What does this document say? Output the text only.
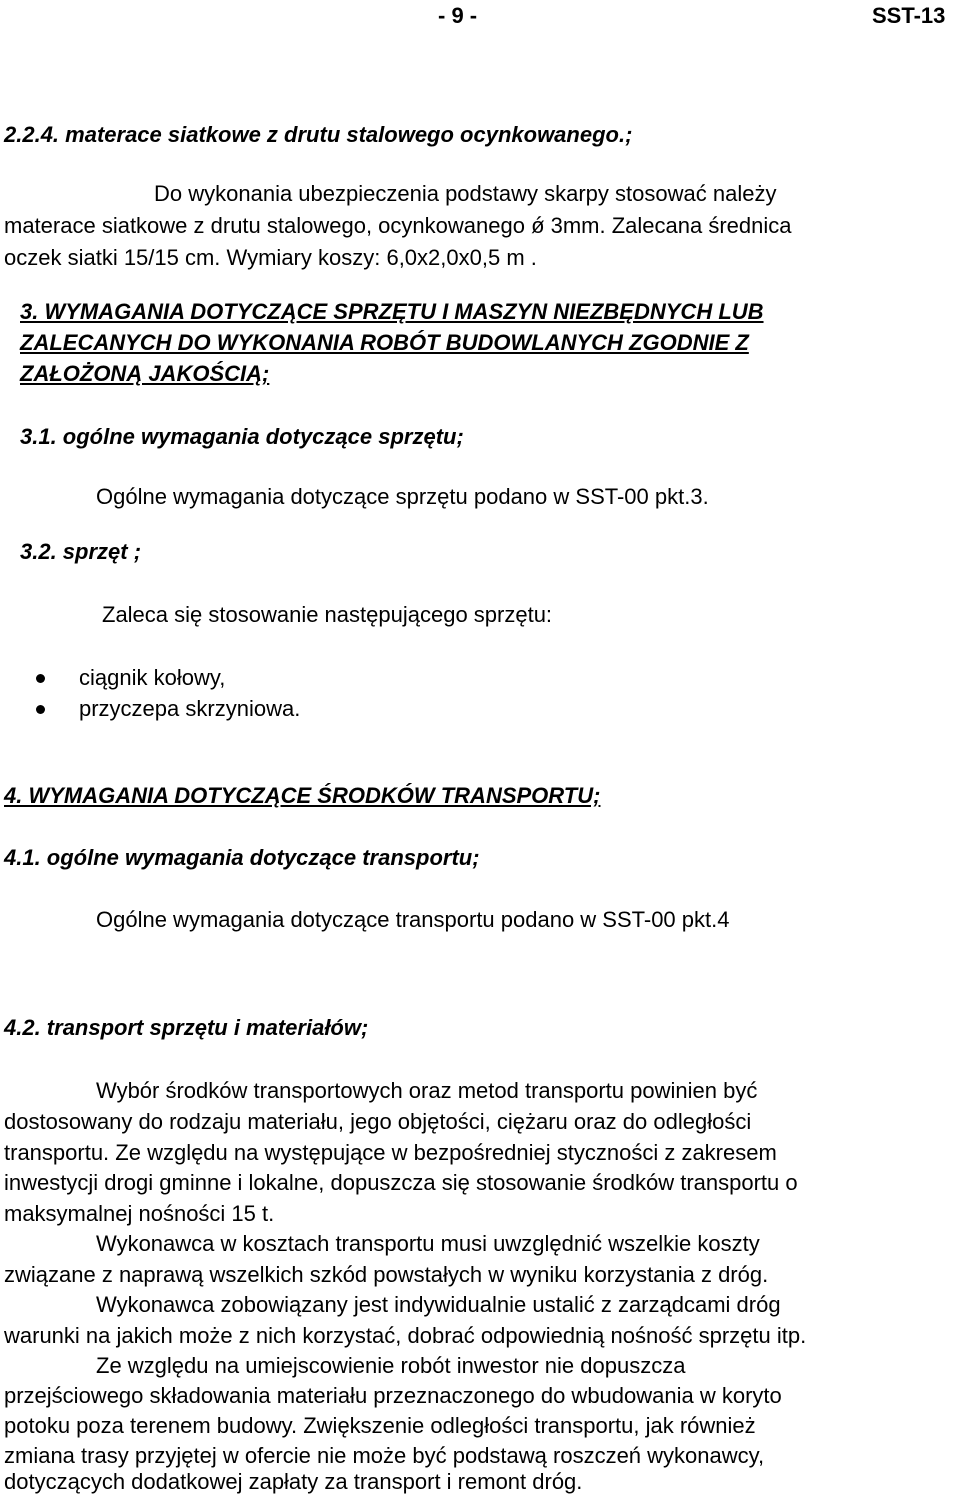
- 9 -	SST-13
2.2.4. materace siatkowe z drutu stalowego ocynkowanego.;
Do wykonania ubezpieczenia podstawy skarpy stosować należy
materace siatkowe z drutu stalowego, ocynkowanego ǿ 3mm. Zalecana średnica
oczek siatki 15/15 cm. Wymiary koszy: 6,0x2,0x0,5 m .
3. WYMAGANIA DOTYCZĄCE SPRZĘTU I MASZYN NIEZBĘDNYCH LUB
ZALECANYCH DO WYKONANIA ROBÓT BUDOWLANYCH ZGODNIE Z
ZAŁOŻONĄ JAKOŚCIĄ;
3.1. ogólne wymagania dotyczące sprzętu;
Ogólne wymagania dotyczące sprzętu podano w SST-00 pkt.3.
3.2. sprzęt ;
Zaleca się stosowanie następującego sprzętu:
ciągnik kołowy,
przyczepa skrzyniowa.
4. WYMAGANIA DOTYCZĄCE ŚRODKÓW TRANSPORTU;
4.1. ogólne wymagania dotyczące transportu;
Ogólne wymagania dotyczące transportu podano w SST-00 pkt.4
4.2. transport sprzętu i materiałów;
Wybór środków transportowych oraz metod transportu powinien być
dostosowany do rodzaju materiału, jego objętości, ciężaru oraz do odległości
transportu. Ze względu na występujące w bezpośredniej styczności z zakresem
inwestycji drogi gminne i lokalne, dopuszcza się stosowanie środków transportu o
maksymalnej nośności 15 t.
Wykonawca w kosztach transportu musi uwzględnić wszelkie koszty
związane z naprawą wszelkich szkód powstałych w wyniku korzystania z dróg.
Wykonawca zobowiązany jest indywidualnie ustalić z zarządcami dróg
warunki na jakich może z nich korzystać, dobrać odpowiednią nośność sprzętu itp.
Ze względu na umiejscowienie robót inwestor nie dopuszcza
przejściowego składowania materiału przeznaczonego do wbudowania w koryto
potoku poza terenem budowy. Zwiększenie odległości transportu, jak również
zmiana trasy przyjętej w ofercie nie może być podstawą roszczeń wykonawcy,
dotyczących dodatkowej zapłaty za transport i remont dróg.
